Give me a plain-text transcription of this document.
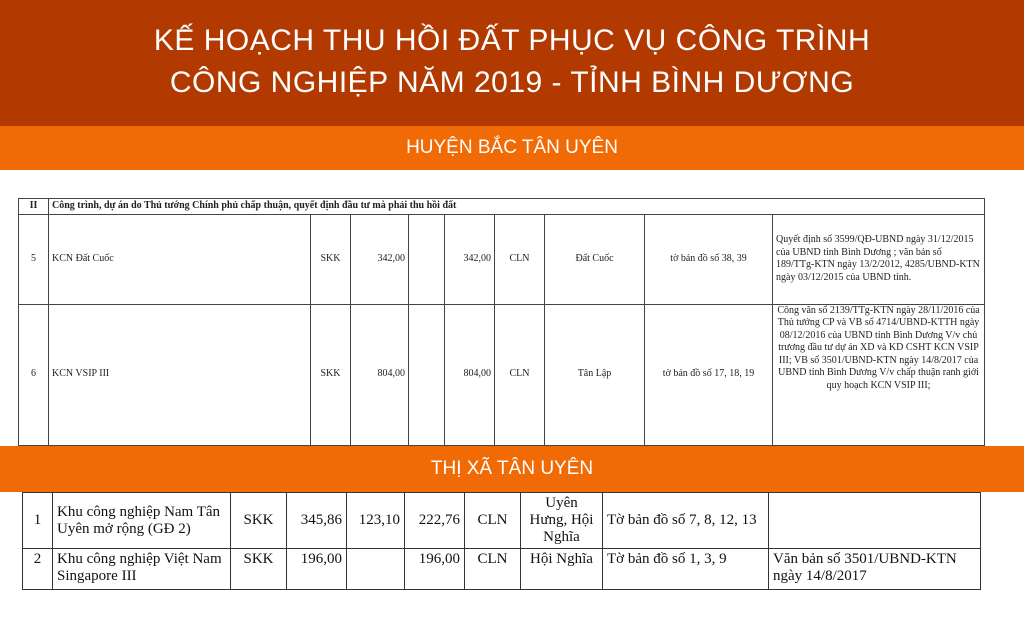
KẾ HOẠCH THU HỒI ĐẤT PHỤC VỤ CÔNG TRÌNH
CÔNG NGHIỆP NĂM 2019 - TỈNH BÌNH DƯƠNG
HUYỆN BẮC TÂN UYÊN
II	Công trình, dự án do Thủ tướng Chính phủ chấp thuận, quyết định đầu tư mà phải thu hồi đất								
5	KCN Đất Cuốc	SKK	342,00		342,00	CLN	Đất Cuốc	tờ bản đồ số 38, 39	Quyết định số 3599/QĐ-UBND ngày 31/12/2015 của UBND tỉnh Bình Dương ; văn bản số 189/TTg-KTN ngày 13/2/2012, 4285/UBND-KTN ngày 03/12/2015 của UBND tỉnh.
6	KCN VSIP III	SKK	804,00		804,00	CLN	Tân Lập	tờ bản đồ số 17, 18, 19	Công văn số 2139/TTg-KTN ngày 28/11/2016 của Thủ tướng CP và VB số 4714/UBND-KTTH ngày 08/12/2016 của UBND tỉnh Bình Dương V/v chủ trương đầu tư dự án XD và KD CSHT KCN VSIP III; VB số 3501/UBND-KTN ngày 14/8/2017 của UBND tỉnh Bình Dương V/v chấp thuận ranh giới quy hoạch KCN VSIP III;
THỊ XÃ TÂN UYÊN
1	Khu công nghiệp Nam Tân Uyên mở rộng (GĐ 2)	SKK	345,86	123,10	222,76	CLN	Uyên Hưng, Hội Nghĩa	Tờ bản đồ số 7, 8, 12, 13	
2	Khu công nghiệp Việt Nam Singapore III	SKK	196,00		196,00	CLN	Hội Nghĩa	Tờ bản đồ số 1, 3, 9	Văn bản số 3501/UBND-KTN ngày 14/8/2017
